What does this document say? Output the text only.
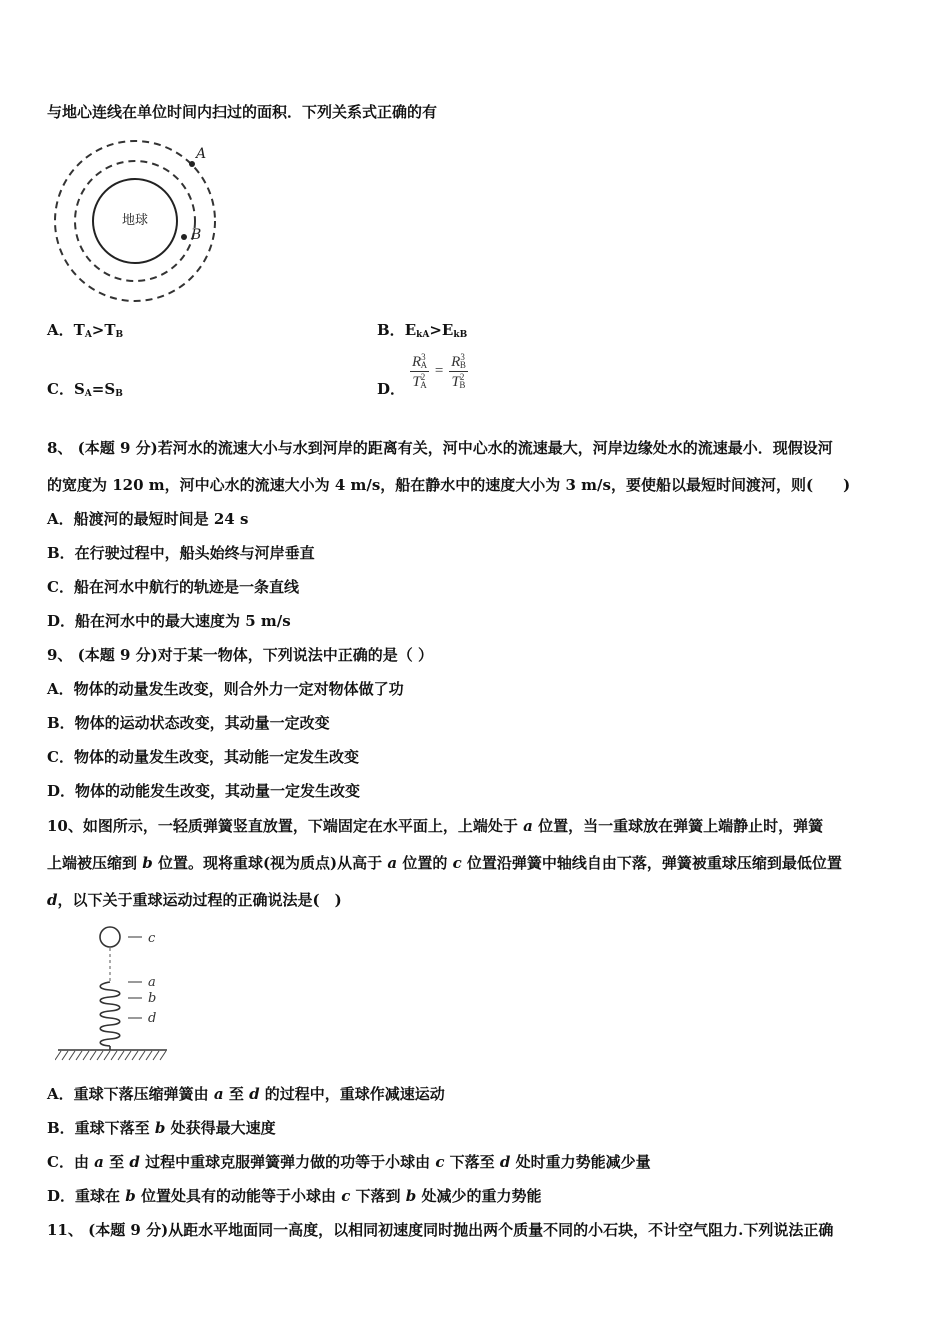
与地心连线在单位时间内扫过的面积．下列关系式正确的有
地球
A
B
A．$T_A>T_B$	B．$E_{kA}>E_{kB}$
C．$S_A=S_B$	D． $\frac{R^3_A}{T^2_A} = \frac{R^3_B}{T^2_B}$
8、 (本题 9 分)若河水的流速大小与水到河岸的距离有关，河中心水的流速最大，河岸边缘处水的流速最小．现假设河
的宽度为 120 m，河中心水的流速大小为 4 m/s，船在静水中的速度大小为 3 m/s，要使船以最短时间渡河，则(　　)
A．船渡河的最短时间是 24 s
B．在行驶过程中，船头始终与河岸垂直
C．船在河水中航行的轨迹是一条直线
D．船在河水中的最大速度为 5 m/s
9、 (本题 9 分)对于某一物体，下列说法中正确的是（ ）
A．物体的动量发生改变，则合外力一定对物体做了功
B．物体的运动状态改变，其动量一定改变
C．物体的动量发生改变，其动能一定发生改变
D．物体的动能发生改变，其动量一定发生改变
10、如图所示，一轻质弹簧竖直放置，下端固定在水平面上，上端处于 a 位置，当一重球放在弹簧上端静止时，弹簧
上端被压缩到 b 位置。现将重球(视为质点)从高于 a 位置的 c 位置沿弹簧中轴线自由下落，弹簧被重球压缩到最低位置
d，以下关于重球运动过程的正确说法是(　)
c
a
b
d
A．重球下落压缩弹簧由 a 至 d 的过程中，重球作减速运动
B．重球下落至 b 处获得最大速度
C．由 a 至 d 过程中重球克服弹簧弹力做的功等于小球由 c 下落至 d 处时重力势能减少量
D．重球在 b 位置处具有的动能等于小球由 c 下落到 b 处减少的重力势能
11、 (本题 9 分)从距水平地面同一高度，以相同初速度同时抛出两个质量不同的小石块，不计空气阻力.下列说法正确
